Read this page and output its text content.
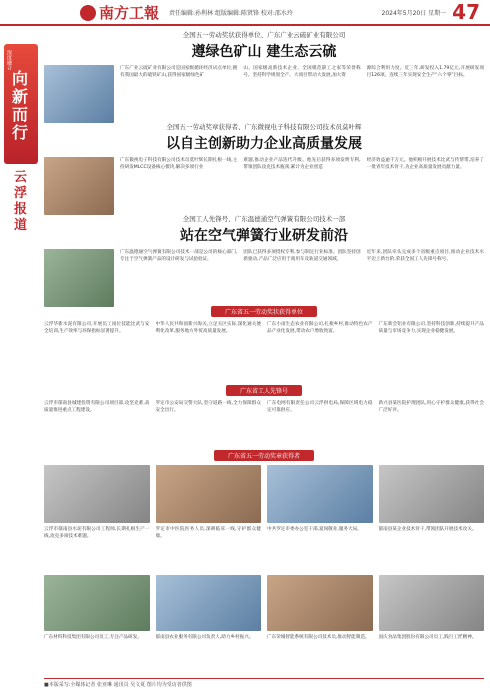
南方工報 责任编辑:孙利林 组版编辑:陈贤锋 校对:邵水玲	2024年5月20日 星期一 47
深度融合
向新而行
云浮报道
全国五一劳动奖状获得单位、广东广业云硫矿业有限公司
遵绿色矿山 建生态云硫
广东广业云硫矿业有限公司是国家级循环经济试点单位,拥有我国最大的硫铁矿山,获得国家级绿色矿
山、国家级高新技术企业、全国模范职工之家等荣誉称号。坚持科学规划全产、大项目带动大发展,加大资
源综合利用力度。近三年,研发投入1.79亿元,开展研发项目126项。连续三年实现安全生产“六个零”目标。
全国五一劳动奖章获得者、广东微视电子科技有限公司技术员莫叶辉
以自主创新助力企业高质量发展
广东微视电子科技有限公司技术员莫叶辉长期扎根一线,主持研发MLCC设备核心模块,解决多项行业
难题,推动企业产品迭代升级。他先后获得多项发明专利,带领团队攻克技术瓶颈,累计为企业创造
经济效益逾千万元。他积极开展技术比武与传帮带,培养了一批青年技术骨干,为企业高质量发展贡献力量。
全国工人先锋号、广东温德通空气弹簧有限公司技术一部
站在空气弹簧行业研发前沿
广东温德通空气弹簧有限公司技术一部是公司的核心部门,专注于空气弹簧产品的设计研发与试验验证,
团队已获得多项授权专利,参与制定行业标准。团队坚持创新驱动,产品广泛应用于商用车及轨道交通领域。
近年来,团队牵头完成多个省级重点项目,推动企业技术水平迈上新台阶,荣获全国工人先锋号称号。
广东省五一劳动奖状获得单位
云浮华新水泥有限公司,开展员工岗位技能比武与安全培训,生产效率与环保指标显著提升。
中华人民共和国新兴海关,立足关区实际,深化通关便利化改革,服务地方外贸高质量发展。
广东小雨生态农业有限公司,扎根乡村,推动特色农产品产业化发展,带动农户增收致富。
广东新会铝业有限公司,坚持科技创新,持续提升产品质量与市场竞争力,实现企业稳健发展。
广东省工人先锋号
云浮市郁南县城建投资有限公司项目部,攻坚克难,高质量推进重点工程建设。
罗定市公安局交警大队,坚守道路一线,全力保障群众安全出行。
广东电网有限责任公司云浮供电局,保障区域电力稳定可靠供应。
新兴县某医院护理团队,用心守护群众健康,获得社会广泛好评。
广东省五一劳动奖章获得者
云浮市郁南县水泥有限公司工程师,长期扎根生产一线,攻克多项技术难题。
罗定市中医院医务人员,深耕临床一线,守护群众健康。
中共罗定市委办公室干部,爱岗敬业,服务大局。	郁南县某企业技术骨干,带领团队开展技术攻关。
广东材料科技集团有限公司员工,专注产品研发。	郁南县农业服务有限公司负责人,助力乡村振兴。	广东荣城智能系统有限公司技术员,推动智能制造。	国庆食品集团股份有限公司员工,践行工匠精神。
■本版采写:全媒体记者 张亚琳 通讯员 吴文夏 图片均为受访者供图
